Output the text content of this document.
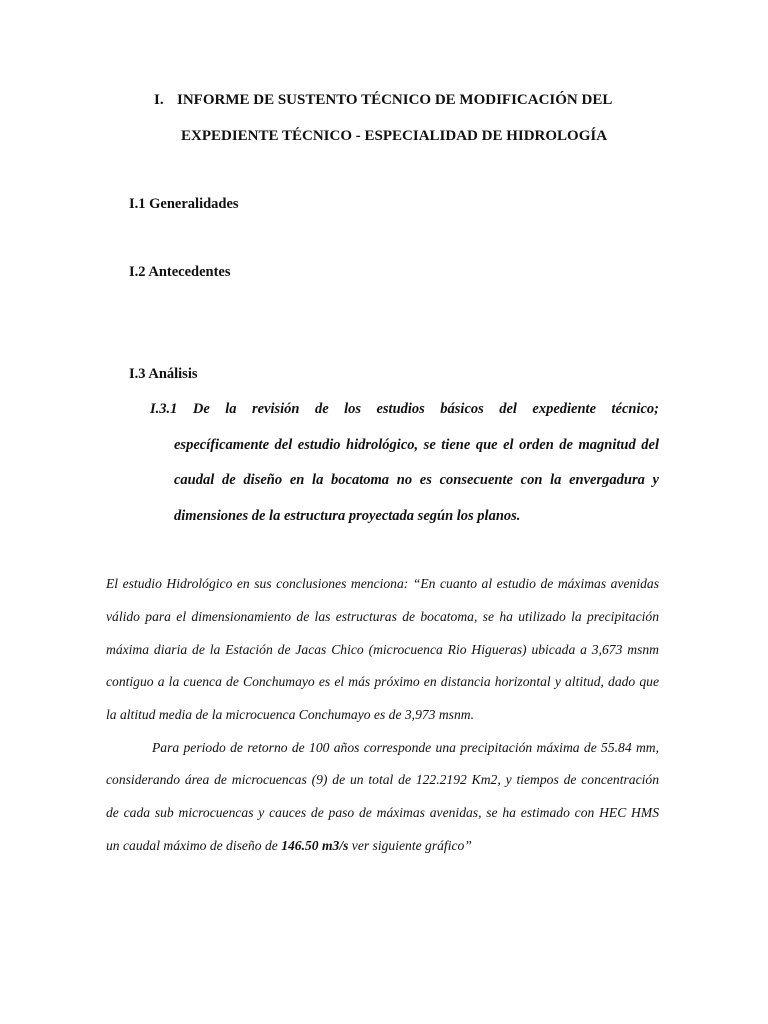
I. INFORME DE SUSTENTO TÉCNICO DE MODIFICACIÓN DEL
EXPEDIENTE TÉCNICO - ESPECIALIDAD DE HIDROLOGÍA
I.1 Generalidades
I.2 Antecedentes
I.3 Análisis
I.3.1 De la revisión de los estudios básicos del expediente técnico;
específicamente del estudio hidrológico, se tiene que el orden de magnitud del
caudal de diseño en la bocatoma no es consecuente con la envergadura y
dimensiones de la estructura proyectada según los planos.
El estudio Hidrológico en sus conclusiones menciona: “En cuanto al estudio de máximas avenidas
válido para el dimensionamiento de las estructuras de bocatoma, se ha utilizado la precipitación
máxima diaria de la Estación de Jacas Chico (microcuenca Rio Higueras) ubicada a 3,673 msnm
contiguo a la cuenca de Conchumayo es el más próximo en distancia horizontal y altitud, dado que
la altitud media de la microcuenca Conchumayo es de 3,973 msnm.
Para periodo de retorno de 100 años corresponde una precipitación máxima de 55.84 mm,
considerando área de microcuencas (9) de un total de 122.2192 Km2, y tiempos de concentración
de cada sub microcuencas y cauces de paso de máximas avenidas, se ha estimado con HEC HMS
un caudal máximo de diseño de 146.50 m3/s ver siguiente gráfico”
